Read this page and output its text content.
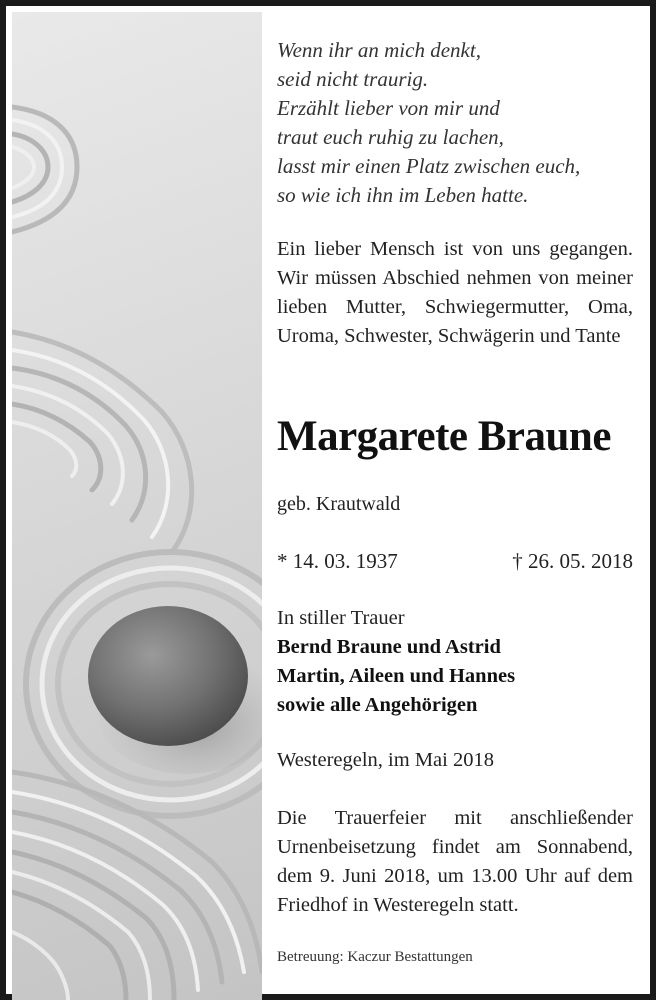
Wenn ihr an mich denkt,
seid nicht traurig.
Erzählt lieber von mir und
traut euch ruhig zu lachen,
lasst mir einen Platz zwischen euch,
so wie ich ihn im Leben hatte.
Ein lieber Mensch ist von uns gegangen. Wir müssen Abschied nehmen von meiner lieben Mutter, Schwiegermutter, Oma, Uroma, Schwester, Schwägerin und Tante
Margarete Braune
geb. Krautwald
* 14. 03. 1937	† 26. 05. 2018
In stiller Trauer
Bernd Braune und Astrid
Martin, Aileen und Hannes
sowie alle Angehörigen
Westeregeln, im Mai 2018
Die Trauerfeier mit anschließender Urnenbeisetzung findet am Sonnabend, dem 9. Juni 2018, um 13.00 Uhr auf dem Friedhof in Westeregeln statt.
Betreuung: Kaczur Bestattungen
